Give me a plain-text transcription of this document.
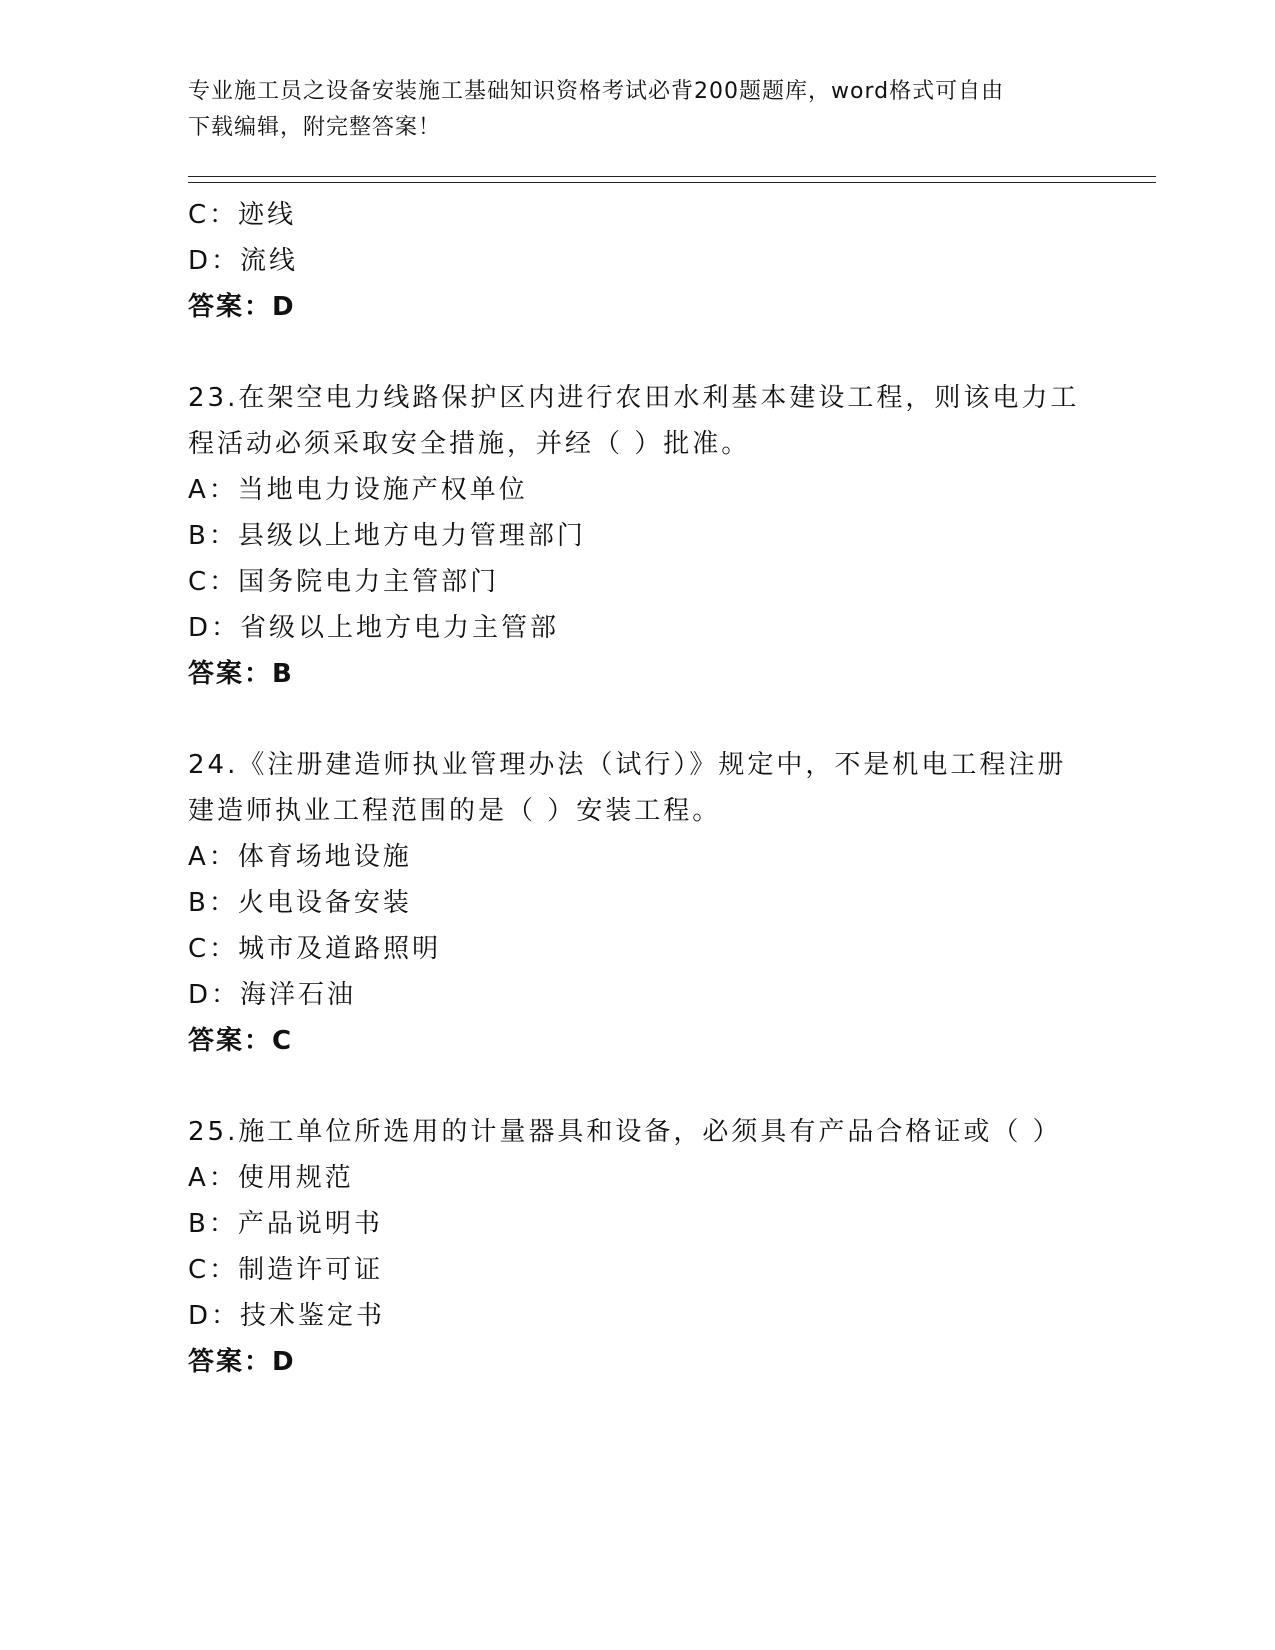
专业施工员之设备安装施工基础知识资格考试必背200题题库，word格式可自由
下载编辑，附完整答案！
C：迹线
D：流线
答案：D
23.在架空电力线路保护区内进行农田水利基本建设工程，则该电力工
程活动必须采取安全措施，并经（ ）批准。
A：当地电力设施产权单位
B：县级以上地方电力管理部门
C：国务院电力主管部门
D：省级以上地方电力主管部
答案：B
24.《注册建造师执业管理办法（试行）》规定中，不是机电工程注册
建造师执业工程范围的是（ ）安装工程。
A：体育场地设施
B：火电设备安装
C：城市及道路照明
D：海洋石油
答案：C
25.施工单位所选用的计量器具和设备，必须具有产品合格证或（ ）
A：使用规范
B：产品说明书
C：制造许可证
D：技术鉴定书
答案：D
